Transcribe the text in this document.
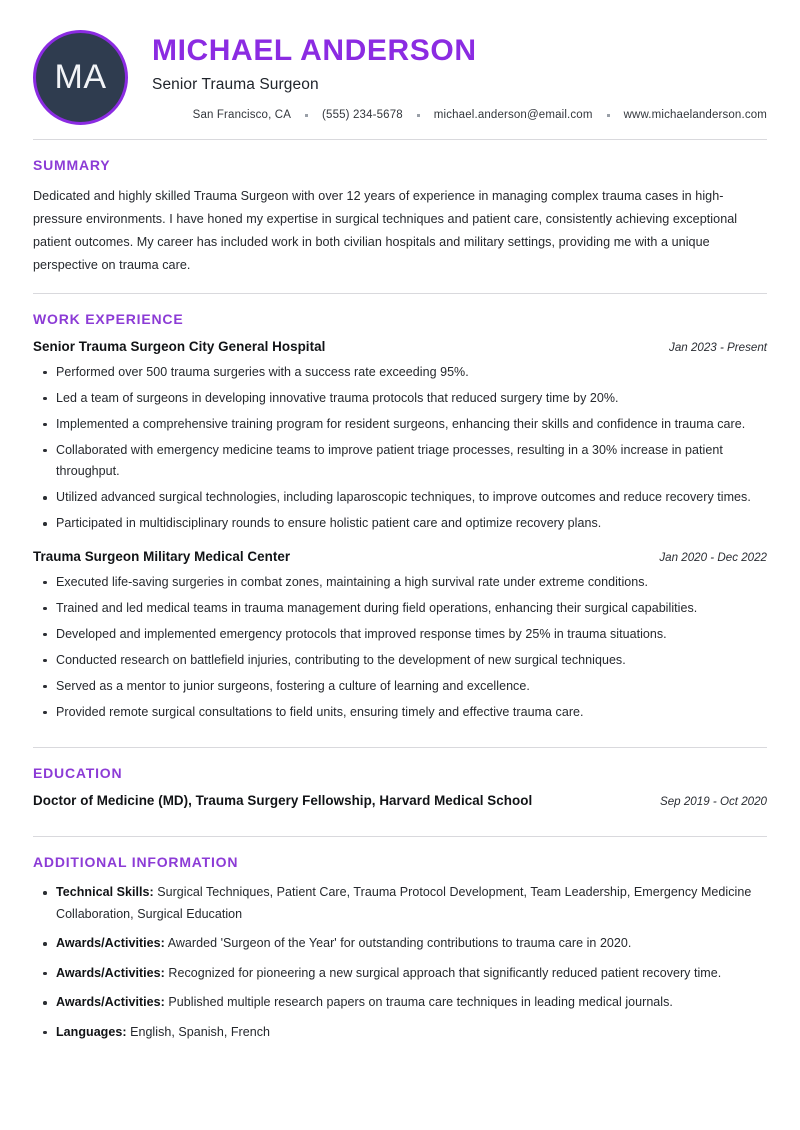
MA
MICHAEL ANDERSON
Senior Trauma Surgeon
San Francisco, CA	(555) 234-5678	michael.anderson@email.com	www.michaelanderson.com
SUMMARY
Dedicated and highly skilled Trauma Surgeon with over 12 years of experience in managing complex trauma cases in high-pressure environments. I have honed my expertise in surgical techniques and patient care, consistently achieving exceptional patient outcomes. My career has included work in both civilian hospitals and military settings, providing me with a unique perspective on trauma care.
WORK EXPERIENCE
Senior Trauma Surgeon City General Hospital	Jan 2023 - Present
Performed over 500 trauma surgeries with a success rate exceeding 95%.
Led a team of surgeons in developing innovative trauma protocols that reduced surgery time by 20%.
Implemented a comprehensive training program for resident surgeons, enhancing their skills and confidence in trauma care.
Collaborated with emergency medicine teams to improve patient triage processes, resulting in a 30% increase in patient throughput.
Utilized advanced surgical technologies, including laparoscopic techniques, to improve outcomes and reduce recovery times.
Participated in multidisciplinary rounds to ensure holistic patient care and optimize recovery plans.
Trauma Surgeon Military Medical Center	Jan 2020 - Dec 2022
Executed life-saving surgeries in combat zones, maintaining a high survival rate under extreme conditions.
Trained and led medical teams in trauma management during field operations, enhancing their surgical capabilities.
Developed and implemented emergency protocols that improved response times by 25% in trauma situations.
Conducted research on battlefield injuries, contributing to the development of new surgical techniques.
Served as a mentor to junior surgeons, fostering a culture of learning and excellence.
Provided remote surgical consultations to field units, ensuring timely and effective trauma care.
EDUCATION
Doctor of Medicine (MD), Trauma Surgery Fellowship, Harvard Medical School	Sep 2019 - Oct 2020
ADDITIONAL INFORMATION
Technical Skills: Surgical Techniques, Patient Care, Trauma Protocol Development, Team Leadership, Emergency Medicine Collaboration, Surgical Education
Awards/Activities: Awarded 'Surgeon of the Year' for outstanding contributions to trauma care in 2020.
Awards/Activities: Recognized for pioneering a new surgical approach that significantly reduced patient recovery time.
Awards/Activities: Published multiple research papers on trauma care techniques in leading medical journals.
Languages: English, Spanish, French
